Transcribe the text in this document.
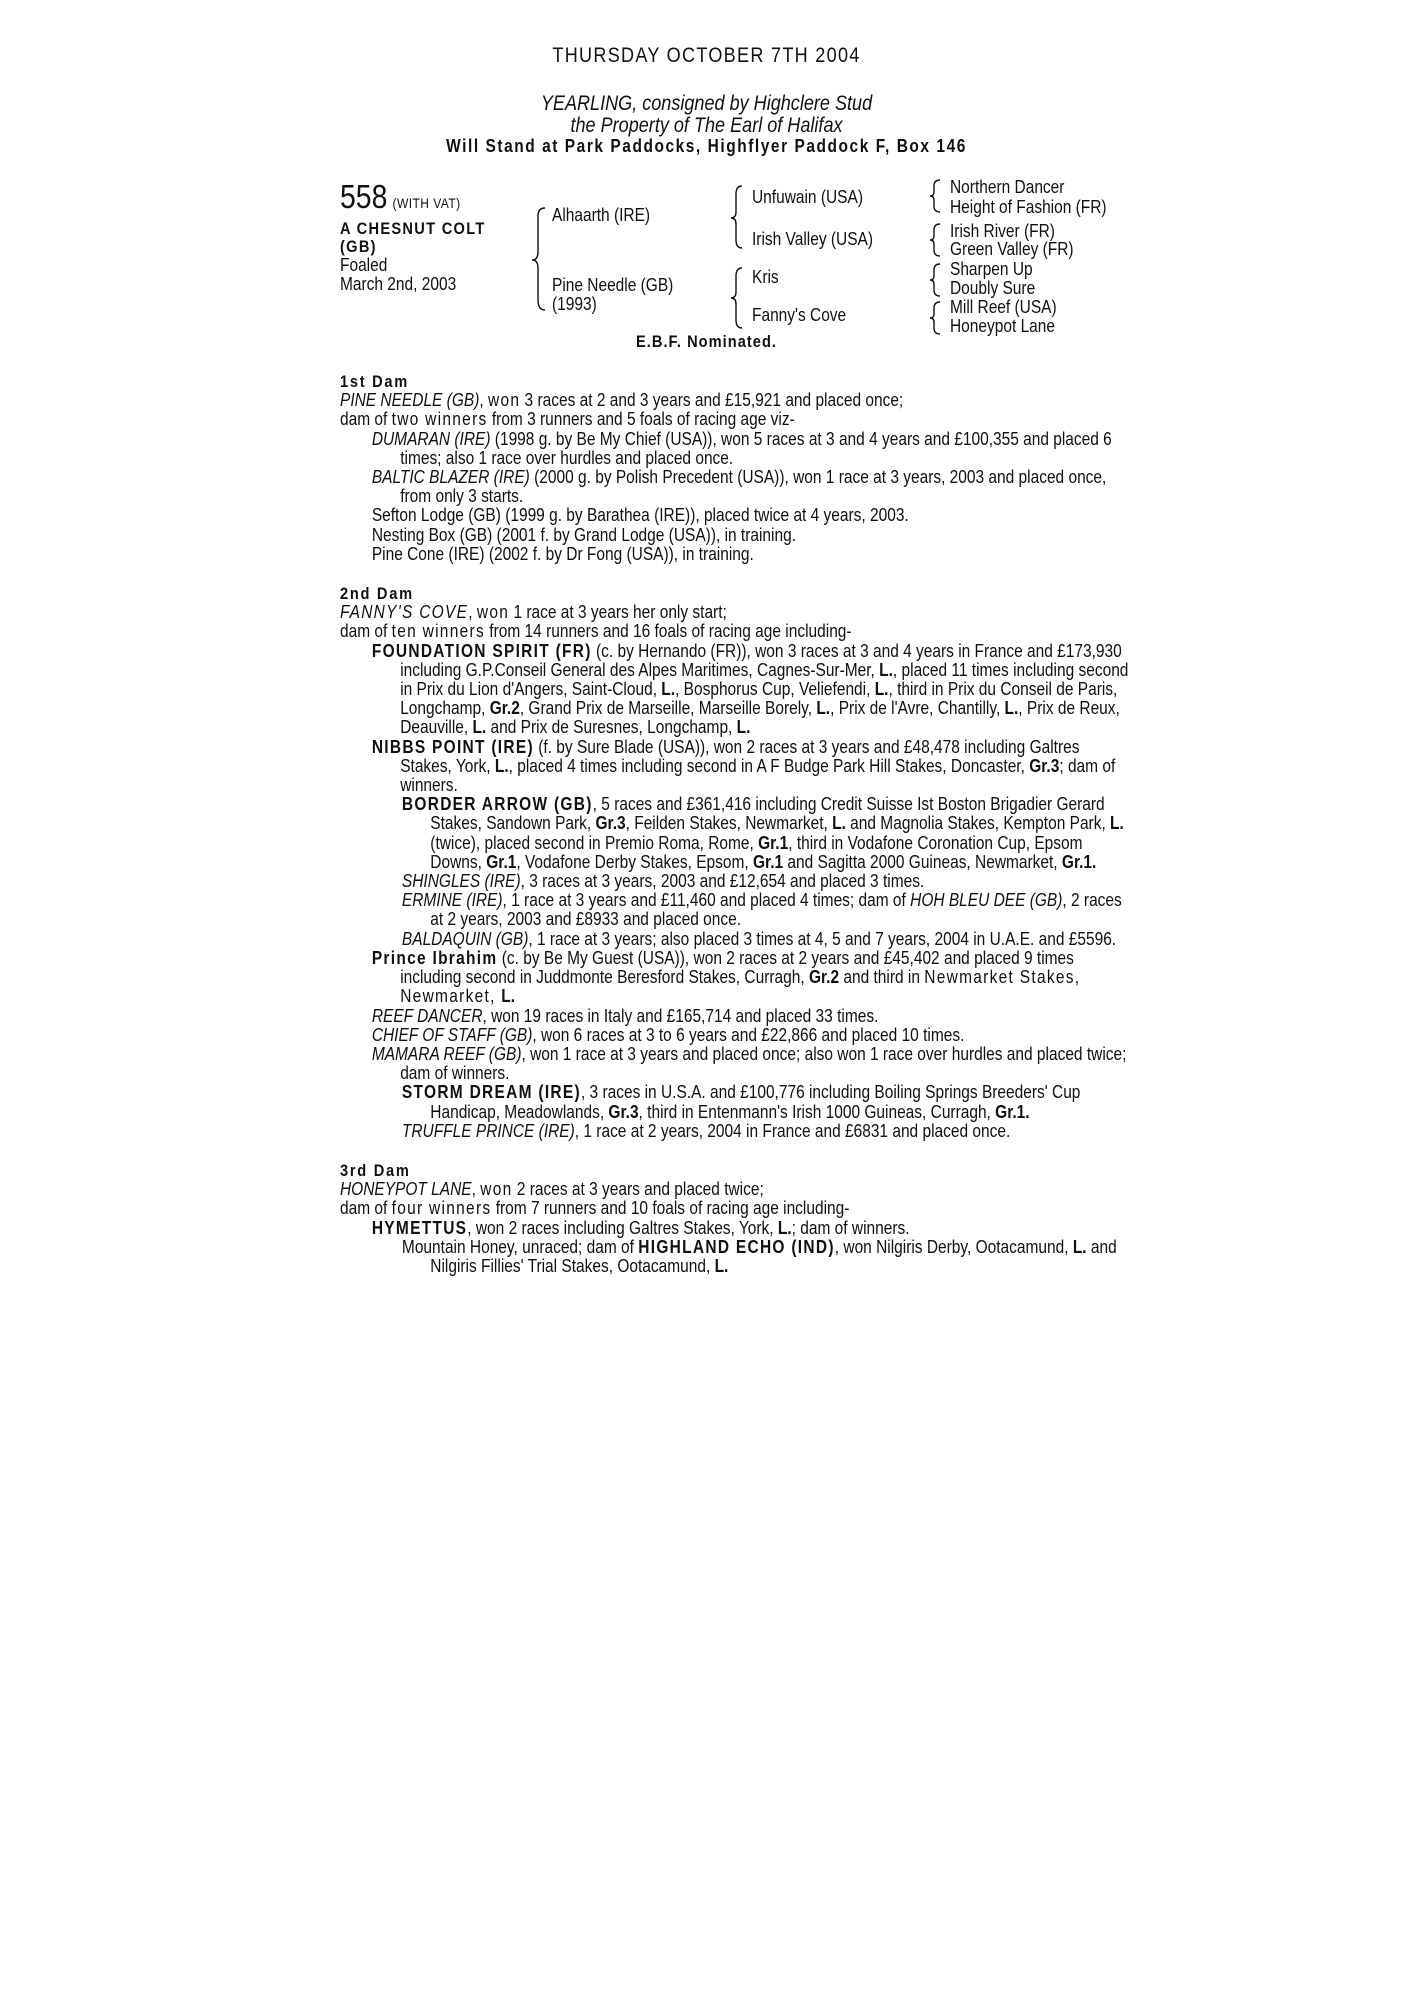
THURSDAY OCTOBER 7TH 2004
YEARLING, consigned by Highclere Stud
the Property of The Earl of Halifax
Will Stand at Park Paddocks, Highflyer Paddock F, Box 146
558 (WITH VAT)
A CHESNUT COLT
(GB)
Foaled
March 2nd, 2003
Alhaarth (IRE)
Pine Needle (GB)
(1993)
Unfuwain (USA)
Irish Valley (USA)
Kris
Fanny's Cove
Northern Dancer
Height of Fashion (FR)
Irish River (FR)
Green Valley (FR)
Sharpen Up
Doubly Sure
Mill Reef (USA)
Honeypot Lane
E.B.F. Nominated.
1st Dam
PINE NEEDLE (GB), won 3 races at 2 and 3 years and £15,921 and placed once;
dam of two winners from 3 runners and 5 foals of racing age viz-
DUMARAN (IRE) (1998 g. by Be My Chief (USA)), won 5 races at 3 and 4 years and £100,355 and placed 6 times; also 1 race over hurdles and placed once.
BALTIC BLAZER (IRE) (2000 g. by Polish Precedent (USA)), won 1 race at 3 years, 2003 and placed once, from only 3 starts.
Sefton Lodge (GB) (1999 g. by Barathea (IRE)), placed twice at 4 years, 2003.
Nesting Box (GB) (2001 f. by Grand Lodge (USA)), in training.
Pine Cone (IRE) (2002 f. by Dr Fong (USA)), in training.
2nd Dam
FANNY'S COVE, won 1 race at 3 years her only start;
dam of ten winners from 14 runners and 16 foals of racing age including-
FOUNDATION SPIRIT (FR) (c. by Hernando (FR)), won 3 races at 3 and 4 years in France and £173,930 including G.P.Conseil General des Alpes Maritimes, Cagnes-Sur-Mer, L., placed 11 times including second in Prix du Lion d'Angers, Saint-Cloud, L., Bosphorus Cup, Veliefendi, L., third in Prix du Conseil de Paris, Longchamp, Gr.2, Grand Prix de Marseille, Marseille Borely, L., Prix de l'Avre, Chantilly, L., Prix de Reux, Deauville, L. and Prix de Suresnes, Longchamp, L.
NIBBS POINT (IRE) (f. by Sure Blade (USA)), won 2 races at 3 years and £48,478 including Galtres Stakes, York, L., placed 4 times including second in A F Budge Park Hill Stakes, Doncaster, Gr.3; dam of winners.
BORDER ARROW (GB), 5 races and £361,416 including Credit Suisse Ist Boston Brigadier Gerard Stakes, Sandown Park, Gr.3, Feilden Stakes, Newmarket, L. and Magnolia Stakes, Kempton Park, L. (twice), placed second in Premio Roma, Rome, Gr.1, third in Vodafone Coronation Cup, Epsom Downs, Gr.1, Vodafone Derby Stakes, Epsom, Gr.1 and Sagitta 2000 Guineas, Newmarket, Gr.1.
SHINGLES (IRE), 3 races at 3 years, 2003 and £12,654 and placed 3 times.
ERMINE (IRE), 1 race at 3 years and £11,460 and placed 4 times; dam of HOH BLEU DEE (GB), 2 races at 2 years, 2003 and £8933 and placed once.
BALDAQUIN (GB), 1 race at 3 years; also placed 3 times at 4, 5 and 7 years, 2004 in U.A.E. and £5596.
Prince Ibrahim (c. by Be My Guest (USA)), won 2 races at 2 years and £45,402 and placed 9 times including second in Juddmonte Beresford Stakes, Curragh, Gr.2 and third in Newmarket Stakes, Newmarket, L.
REEF DANCER, won 19 races in Italy and £165,714 and placed 33 times.
CHIEF OF STAFF (GB), won 6 races at 3 to 6 years and £22,866 and placed 10 times.
MAMARA REEF (GB), won 1 race at 3 years and placed once; also won 1 race over hurdles and placed twice; dam of winners.
STORM DREAM (IRE), 3 races in U.S.A. and £100,776 including Boiling Springs Breeders' Cup Handicap, Meadowlands, Gr.3, third in Entenmann's Irish 1000 Guineas, Curragh, Gr.1.
TRUFFLE PRINCE (IRE), 1 race at 2 years, 2004 in France and £6831 and placed once.
3rd Dam
HONEYPOT LANE, won 2 races at 3 years and placed twice;
dam of four winners from 7 runners and 10 foals of racing age including-
HYMETTUS, won 2 races including Galtres Stakes, York, L.; dam of winners.
Mountain Honey, unraced; dam of HIGHLAND ECHO (IND), won Nilgiris Derby, Ootacamund, L. and Nilgiris Fillies' Trial Stakes, Ootacamund, L.
